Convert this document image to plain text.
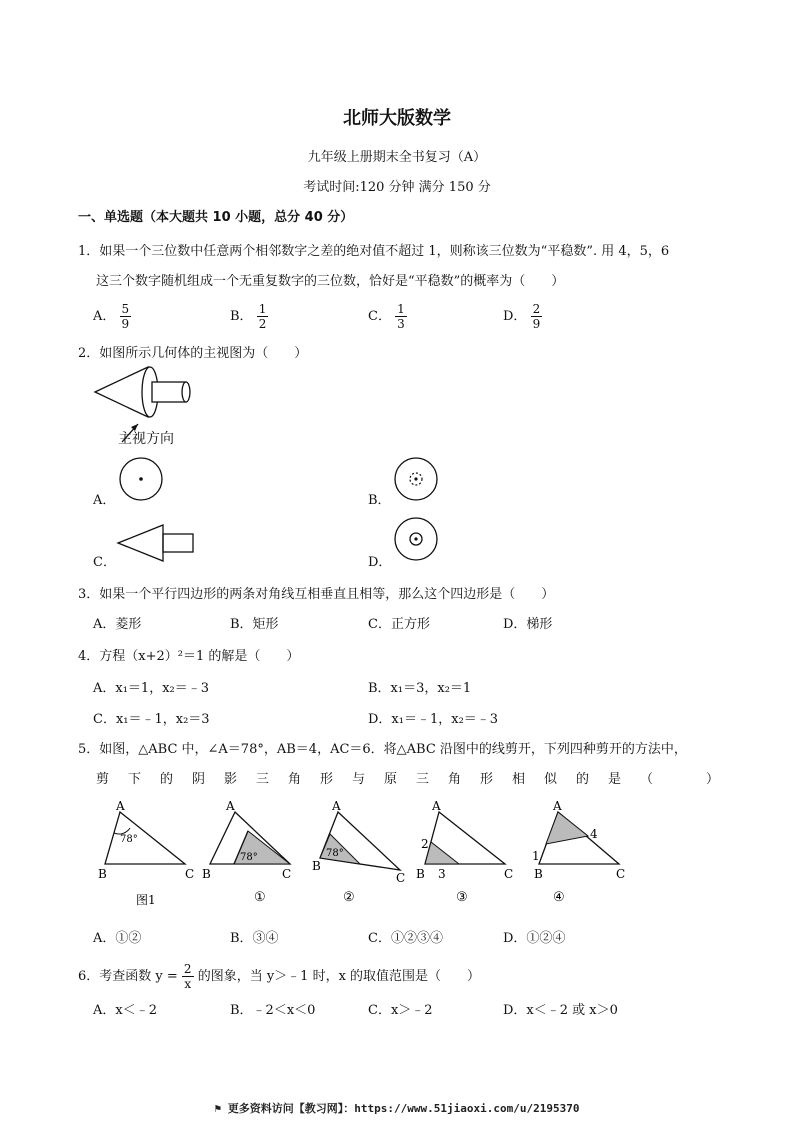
北师大版数学
九年级上册期末全书复习（A）
考试时间:120 分钟 满分 150 分
一、单选题（本大题共 10 小题，总分 40 分）
1．如果一个三位数中任意两个相邻数字之差的绝对值不超过 1，则称该三位数为“平稳数”. 用 4，5，6
这三个数字随机组成一个无重复数字的三位数，恰好是“平稳数”的概率为（　　）
A． $\frac{5}{9}$	B． $\frac{1}{2}$	C． $\frac{1}{3}$	D． $\frac{2}{9}$
2．如图所示几何体的主视图为（　　）
主视方向
A．	B．
C．	D．
3．如果一个平行四边形的两条对角线互相垂直且相等，那么这个四边形是（　　）
A．菱形	B．矩形	C．正方形	D．梯形
4．方程（x+2）²＝1 的解是（　　）
A．x₁＝1，x₂＝﹣3	B．x₁＝3，x₂＝1
C．x₁＝﹣1，x₂＝3	D．x₁＝﹣1，x₂＝﹣3
5．如图，△ABC 中，∠A＝78°，AB＝4，AC＝6．将△ABC 沿图中的线剪开，下列四种剪开的方法中，
剪下的阴影三角形与原三角形相似的是（	）
A
B	C
78°
图1
A
B	C
78°
①
A
B
C
78°
②
A
B	C
2
3
③
A
B	C
1
4
④
A．①②	B．③④	C．①②③④	D．①②④
6．考查函数 $y = \frac{2}{x}$ 的图象，当 y＞﹣1 时，x 的取值范围是（　　）
A．x＜﹣2	B．﹣2＜x＜0	C．x＞﹣2	D．x＜﹣2 或 x＞0
⚑ 更多资料访问【教习网】：https://www.51jiaoxi.com/u/2195370
